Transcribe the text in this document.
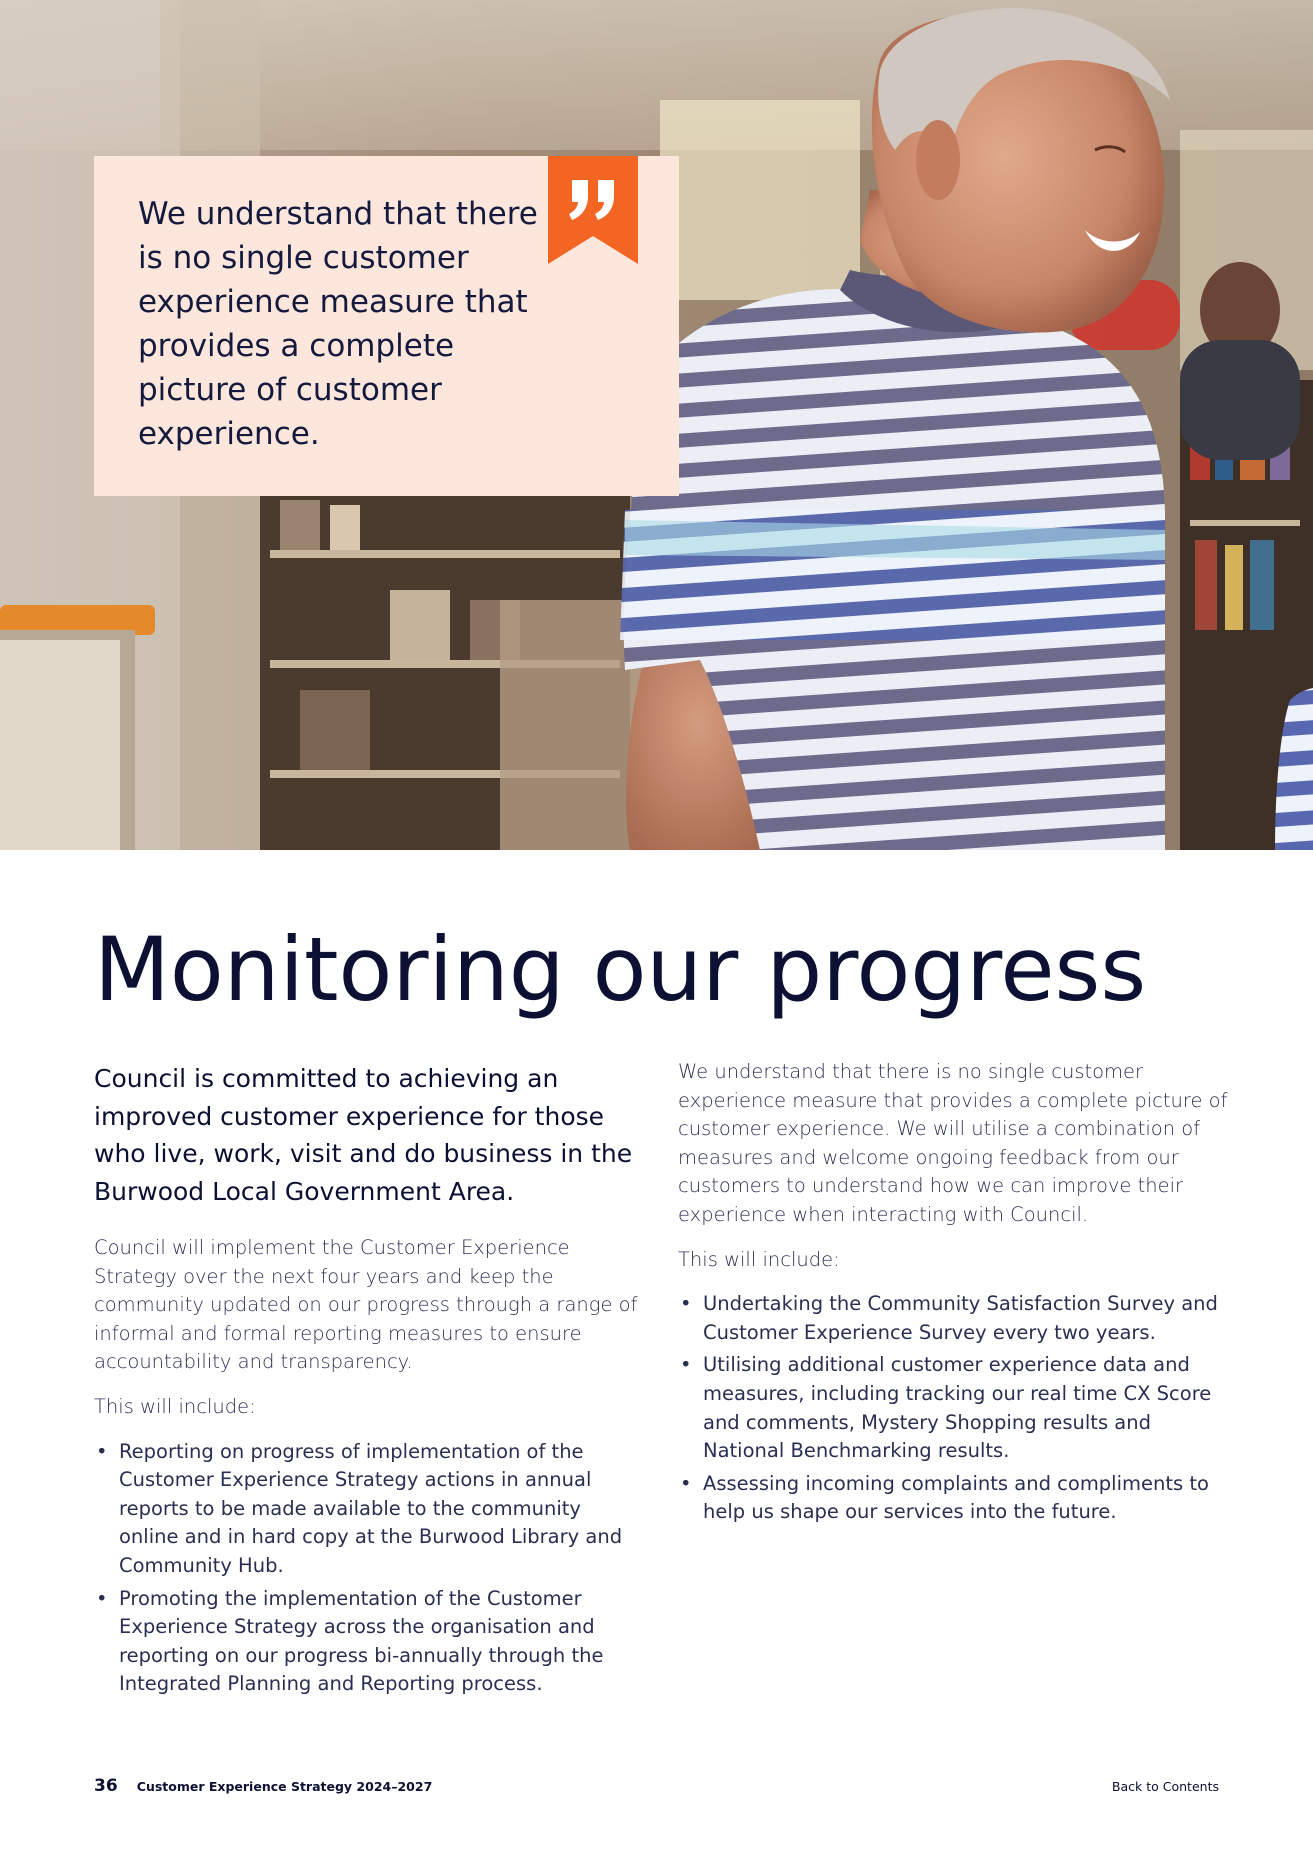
We understand that there is no single customer experience measure that provides a complete picture of customer experience.

Monitoring our progress

Council is committed to achieving an improved customer experience for those who live, work, visit and do business in the Burwood Local Government Area.

Council will implement the Customer Experience Strategy over the next four years and keep the community updated on our progress through a range of informal and formal reporting measures to ensure accountability and transparency.

This will include:

• Reporting on progress of implementation of the Customer Experience Strategy actions in annual reports to be made available to the community online and in hard copy at the Burwood Library and Community Hub.
• Promoting the implementation of the Customer Experience Strategy across the organisation and reporting on our progress bi-annually through the Integrated Planning and Reporting process.

We understand that there is no single customer experience measure that provides a complete picture of customer experience. We will utilise a combination of measures and welcome ongoing feedback from our customers to understand how we can improve their experience when interacting with Council.

This will include:

• Undertaking the Community Satisfaction Survey and Customer Experience Survey every two years.
• Utilising additional customer experience data and measures, including tracking our real time CX Score and comments, Mystery Shopping results and National Benchmarking results.
• Assessing incoming complaints and compliments to help us shape our services into the future.
36 Customer Experience Strategy 2024–2027	Back to Contents
